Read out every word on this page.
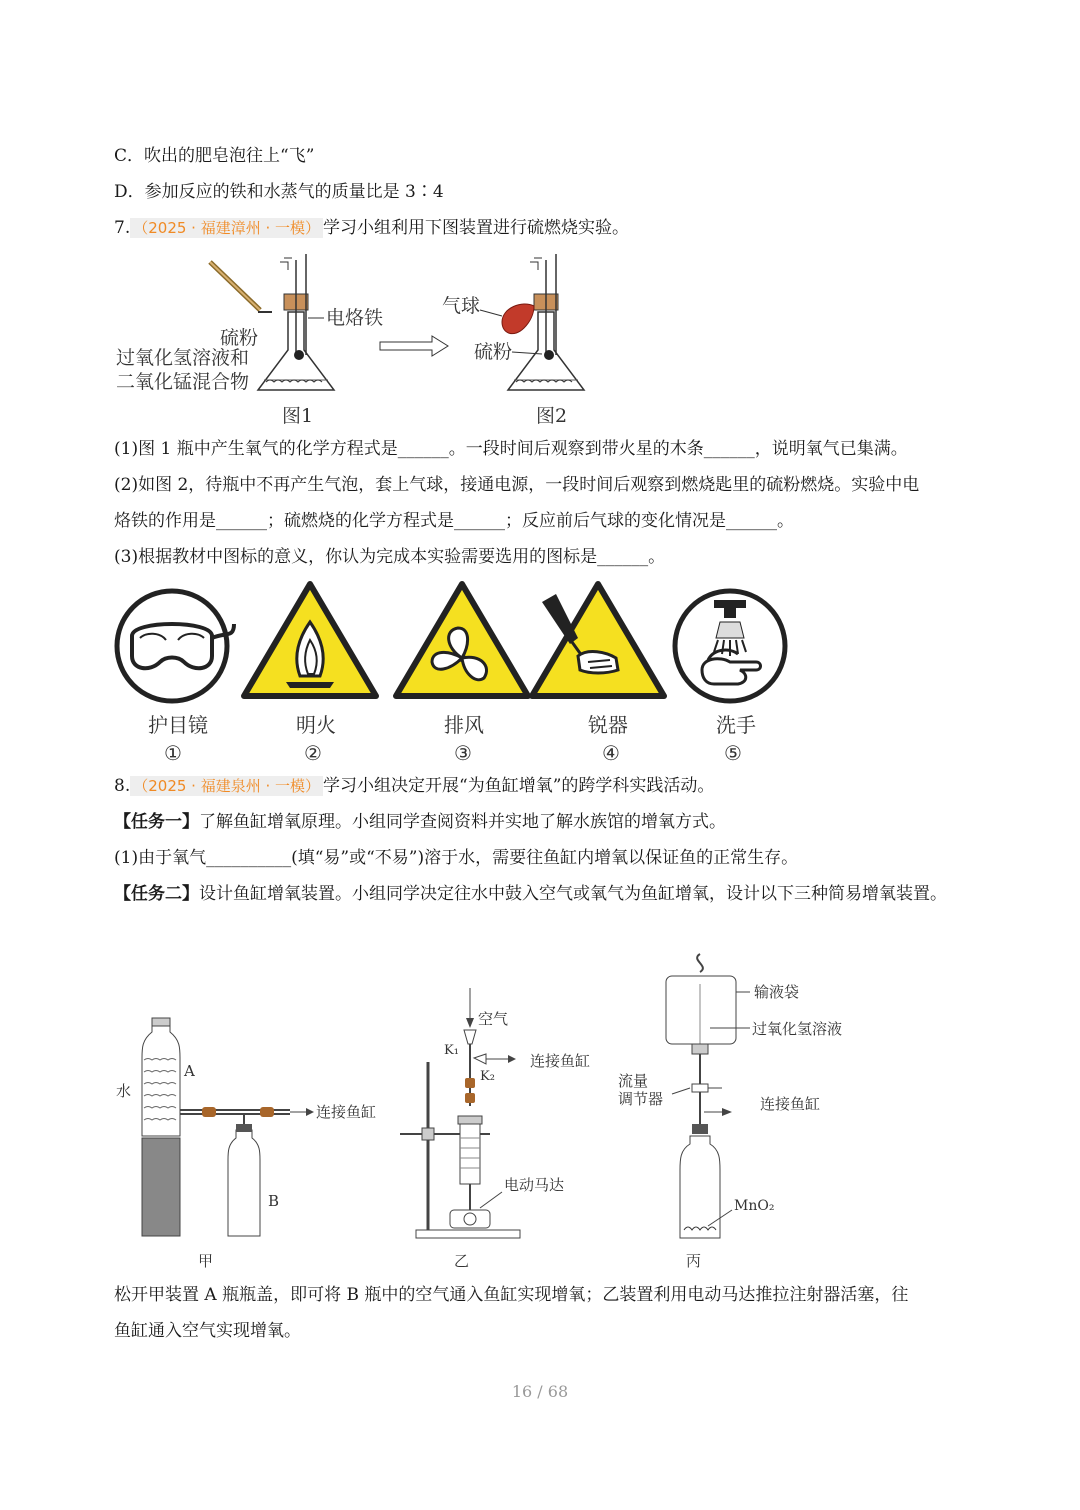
C．吹出的肥皂泡往上“飞”
D．参加反应的铁和水蒸气的质量比是 3∶4
7. （2025 · 福建漳州 · 一模） 学习小组利用下图装置进行硫燃烧实验。
电烙铁
硫粉
过氧化氢溶液和
二氧化锰混合物
图1
气球
硫粉
图2
(1)图 1 瓶中产生氧气的化学方程式是______。一段时间后观察到带火星的木条______，说明氧气已集满。
(2)如图 2，待瓶中不再产生气泡，套上气球，接通电源，一段时间后观察到燃烧匙里的硫粉燃烧。实验中电
烙铁的作用是______；硫燃烧的化学方程式是______；反应前后气球的变化情况是______。
(3)根据教材中图标的意义，你认为完成本实验需要选用的图标是______。
护目镜
①
明火
②
排风
③
锐器
④
洗手
⑤
8. （2025 · 福建泉州 · 一模） 学习小组决定开展“为鱼缸增氧”的跨学科实践活动。
【任务一】了解鱼缸增氧原理。小组同学查阅资料并实地了解水族馆的增氧方式。
(1)由于氧气__________(填“易”或“不易”)溶于水，需要往鱼缸内增氧以保证鱼的正常生存。
【任务二】设计鱼缸增氧装置。小组同学决定往水中鼓入空气或氧气为鱼缸增氧，设计以下三种简易增氧装置。
水
A
B
连接鱼缸
甲
空气
K₁
K₂
连接鱼缸
电动马达
乙
输液袋
过氧化氢溶液
流量
调节器	连接鱼缸
MnO₂
丙
松开甲装置 A 瓶瓶盖，即可将 B 瓶中的空气通入鱼缸实现增氧；乙装置利用电动马达推拉注射器活塞，往
鱼缸通入空气实现增氧。
16 / 68
